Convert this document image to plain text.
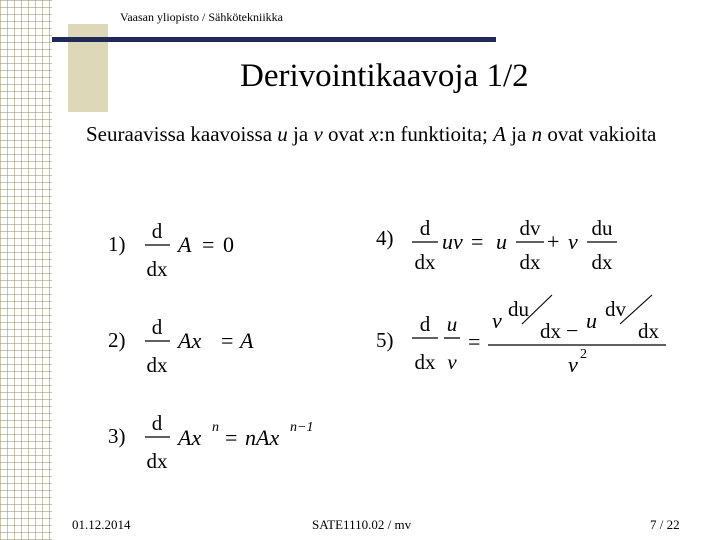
Vaasan yliopisto / Sähkötekniikka
Derivointikaavoja 1/2
Seuraavissa kaavoissa u ja v ovat x:n funktioita; A ja n ovat vakioita
1)
d
dx
A = 0
2)
d
dx
Ax = A
3)
d
dx
Ax n = nAx n−1
4) d
dx
uv = u
dv
dx
+ v
du
dx
5)
d
dx
u
v
=
v du
dx − u dv
dx
v 2
01.12.2014	SATE1110.02 / mv	7 / 22
